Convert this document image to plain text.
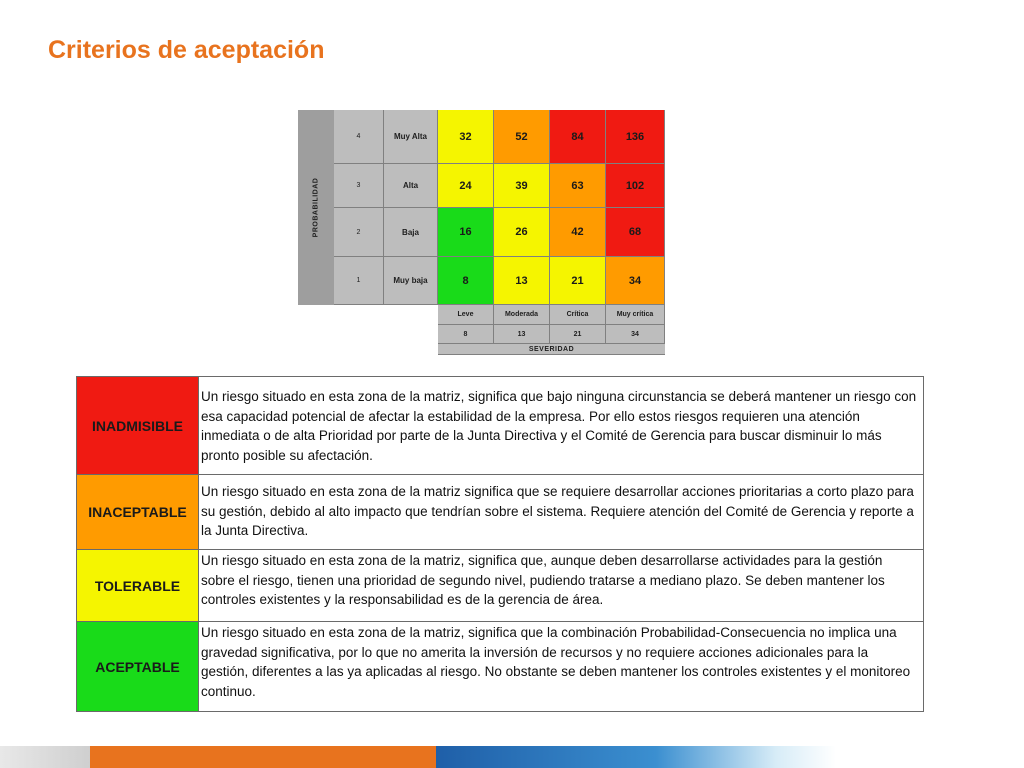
Criterios de aceptación
PROBABILIDAD
4	Muy Alta	32	52	84	136
3	Alta	24	39	63	102
2	Baja	16	26	42	68
1	Muy baja	8	13	21	34
Leve	Moderada	Crítica	Muy crítica
8	13	21	34
SEVERIDAD
INADMISIBLE
Un riesgo situado en esta zona de la matriz, significa que bajo ninguna circunstancia se deberá mantener un riesgo con esa capacidad potencial de afectar la estabilidad de la empresa. Por ello estos riesgos requieren una atención inmediata o de alta Prioridad por parte de la Junta Directiva y el Comité de Gerencia para buscar disminuir lo más pronto posible su afectación.
INACEPTABLE
Un riesgo situado en esta zona de la matriz significa que se requiere desarrollar acciones prioritarias a corto plazo para su gestión, debido al alto impacto que tendrían sobre el sistema. Requiere atención del Comité de Gerencia y reporte a la Junta Directiva.
TOLERABLE
Un riesgo situado en esta zona de la matriz, significa que, aunque deben desarrollarse actividades para la gestión sobre el riesgo, tienen una prioridad de segundo nivel, pudiendo tratarse a mediano plazo. Se deben mantener los controles existentes y la responsabilidad es de la gerencia de área.
ACEPTABLE
Un riesgo situado en esta zona de la matriz, significa que la combinación Probabilidad-Consecuencia no implica una gravedad significativa, por lo que no amerita la inversión de recursos y no requiere acciones adicionales para la gestión, diferentes a las ya aplicadas al riesgo. No obstante se deben mantener los controles existentes y el monitoreo continuo.
